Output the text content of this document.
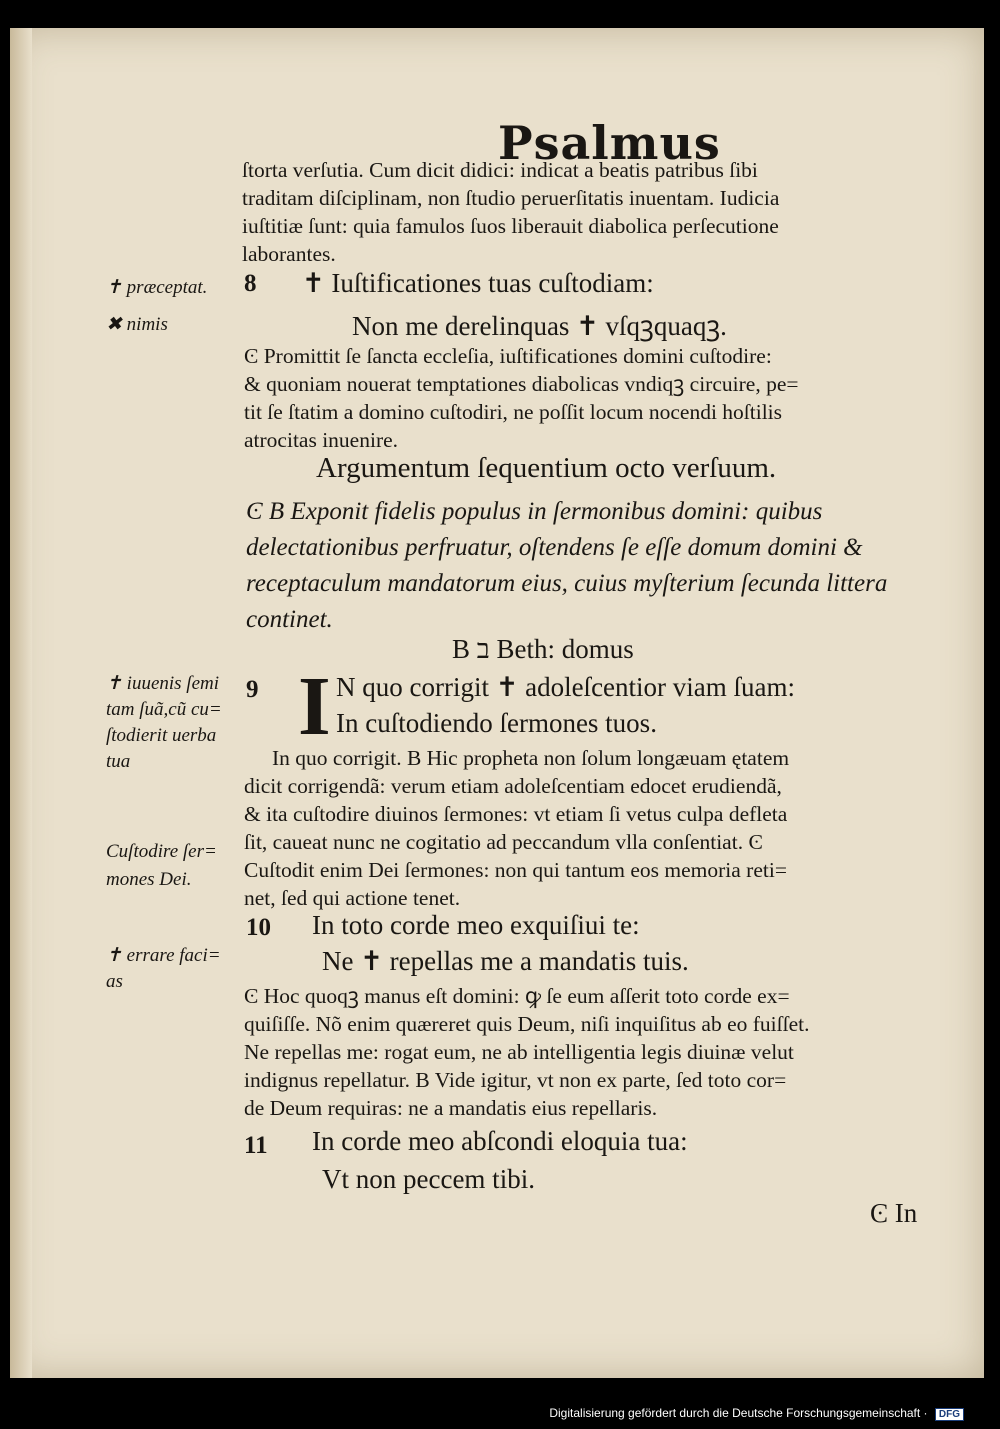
Psalmus
ſtorta verſutia. Cum dicit didici: indicat a beatis patribus ſibi
traditam diſciplinam, non ſtudio peruerſitatis inuentam. Iudicia
iuſtitiæ ſunt: quia famulos ſuos liberauit diabolica perſecutione
laborantes.
✝ præceptat.
✖ nimis
✝ iuuenis ſemi
tam ſuã,cũ cu=
ſtodierit uerba
tua
Cuſtodire ſer=
mones Dei.
✝ errare faci=
as
8 ✝ Iuſtificationes tuas cuſtodiam:
Non me derelinquas ✝ vſqꝫquaqꝫ.
Ͼ Promittit ſe ſancta eccleſia, iuſtificationes domini cuſtodire:
& quoniam nouerat temptationes diabolicas vndiqꝫ circuire, pe=
tit ſe ſtatim a domino cuſtodiri, ne poſſit locum nocendi hoſtilis
atrocitas inuenire.
Argumentum ſequentium octo verſuum.
Ͼ B Exponit fidelis populus in ſermonibus domini: quibus
delectationibus perfruatur, oſtendens ſe eſſe domum domini &
receptaculum mandatorum eius, cuius myſterium ſecunda littera
continet.
B ב Beth: domus
9 I N quo corrigit ✝ adoleſcentior viam ſuam:
In cuſtodiendo ſermones tuos.
In quo corrigit. B Hic propheta non ſolum longæuam ętatem
dicit corrigendã: verum etiam adoleſcentiam edocet erudiendã,
& ita cuſtodire diuinos ſermones: vt etiam ſi vetus culpa defleta
ſit, caueat nunc ne cogitatio ad peccandum vlla conſentiat. Ͼ
Cuſtodit enim Dei ſermones: non qui tantum eos memoria reti=
net, ſed qui actione tenet.
10 In toto corde meo exquiſiui te:
Ne ✝ repellas me a mandatis tuis.
Ͼ Hoc quoqꝫ manus eſt domini: ꝙ ſe eum aſſerit toto corde ex=
quiſiſſe. Nõ enim quæreret quis Deum, niſi inquiſitus ab eo fuiſſet.
Ne repellas me: rogat eum, ne ab intelligentia legis diuinæ velut
indignus repellatur. B Vide igitur, vt non ex parte, ſed toto cor=
de Deum requiras: ne a mandatis eius repellaris.
11 In corde meo abſcondi eloquia tua:
Vt non peccem tibi.
Ͼ In
Digitalisierung gefördert durch die Deutsche Forschungsgemeinschaft · DFG
